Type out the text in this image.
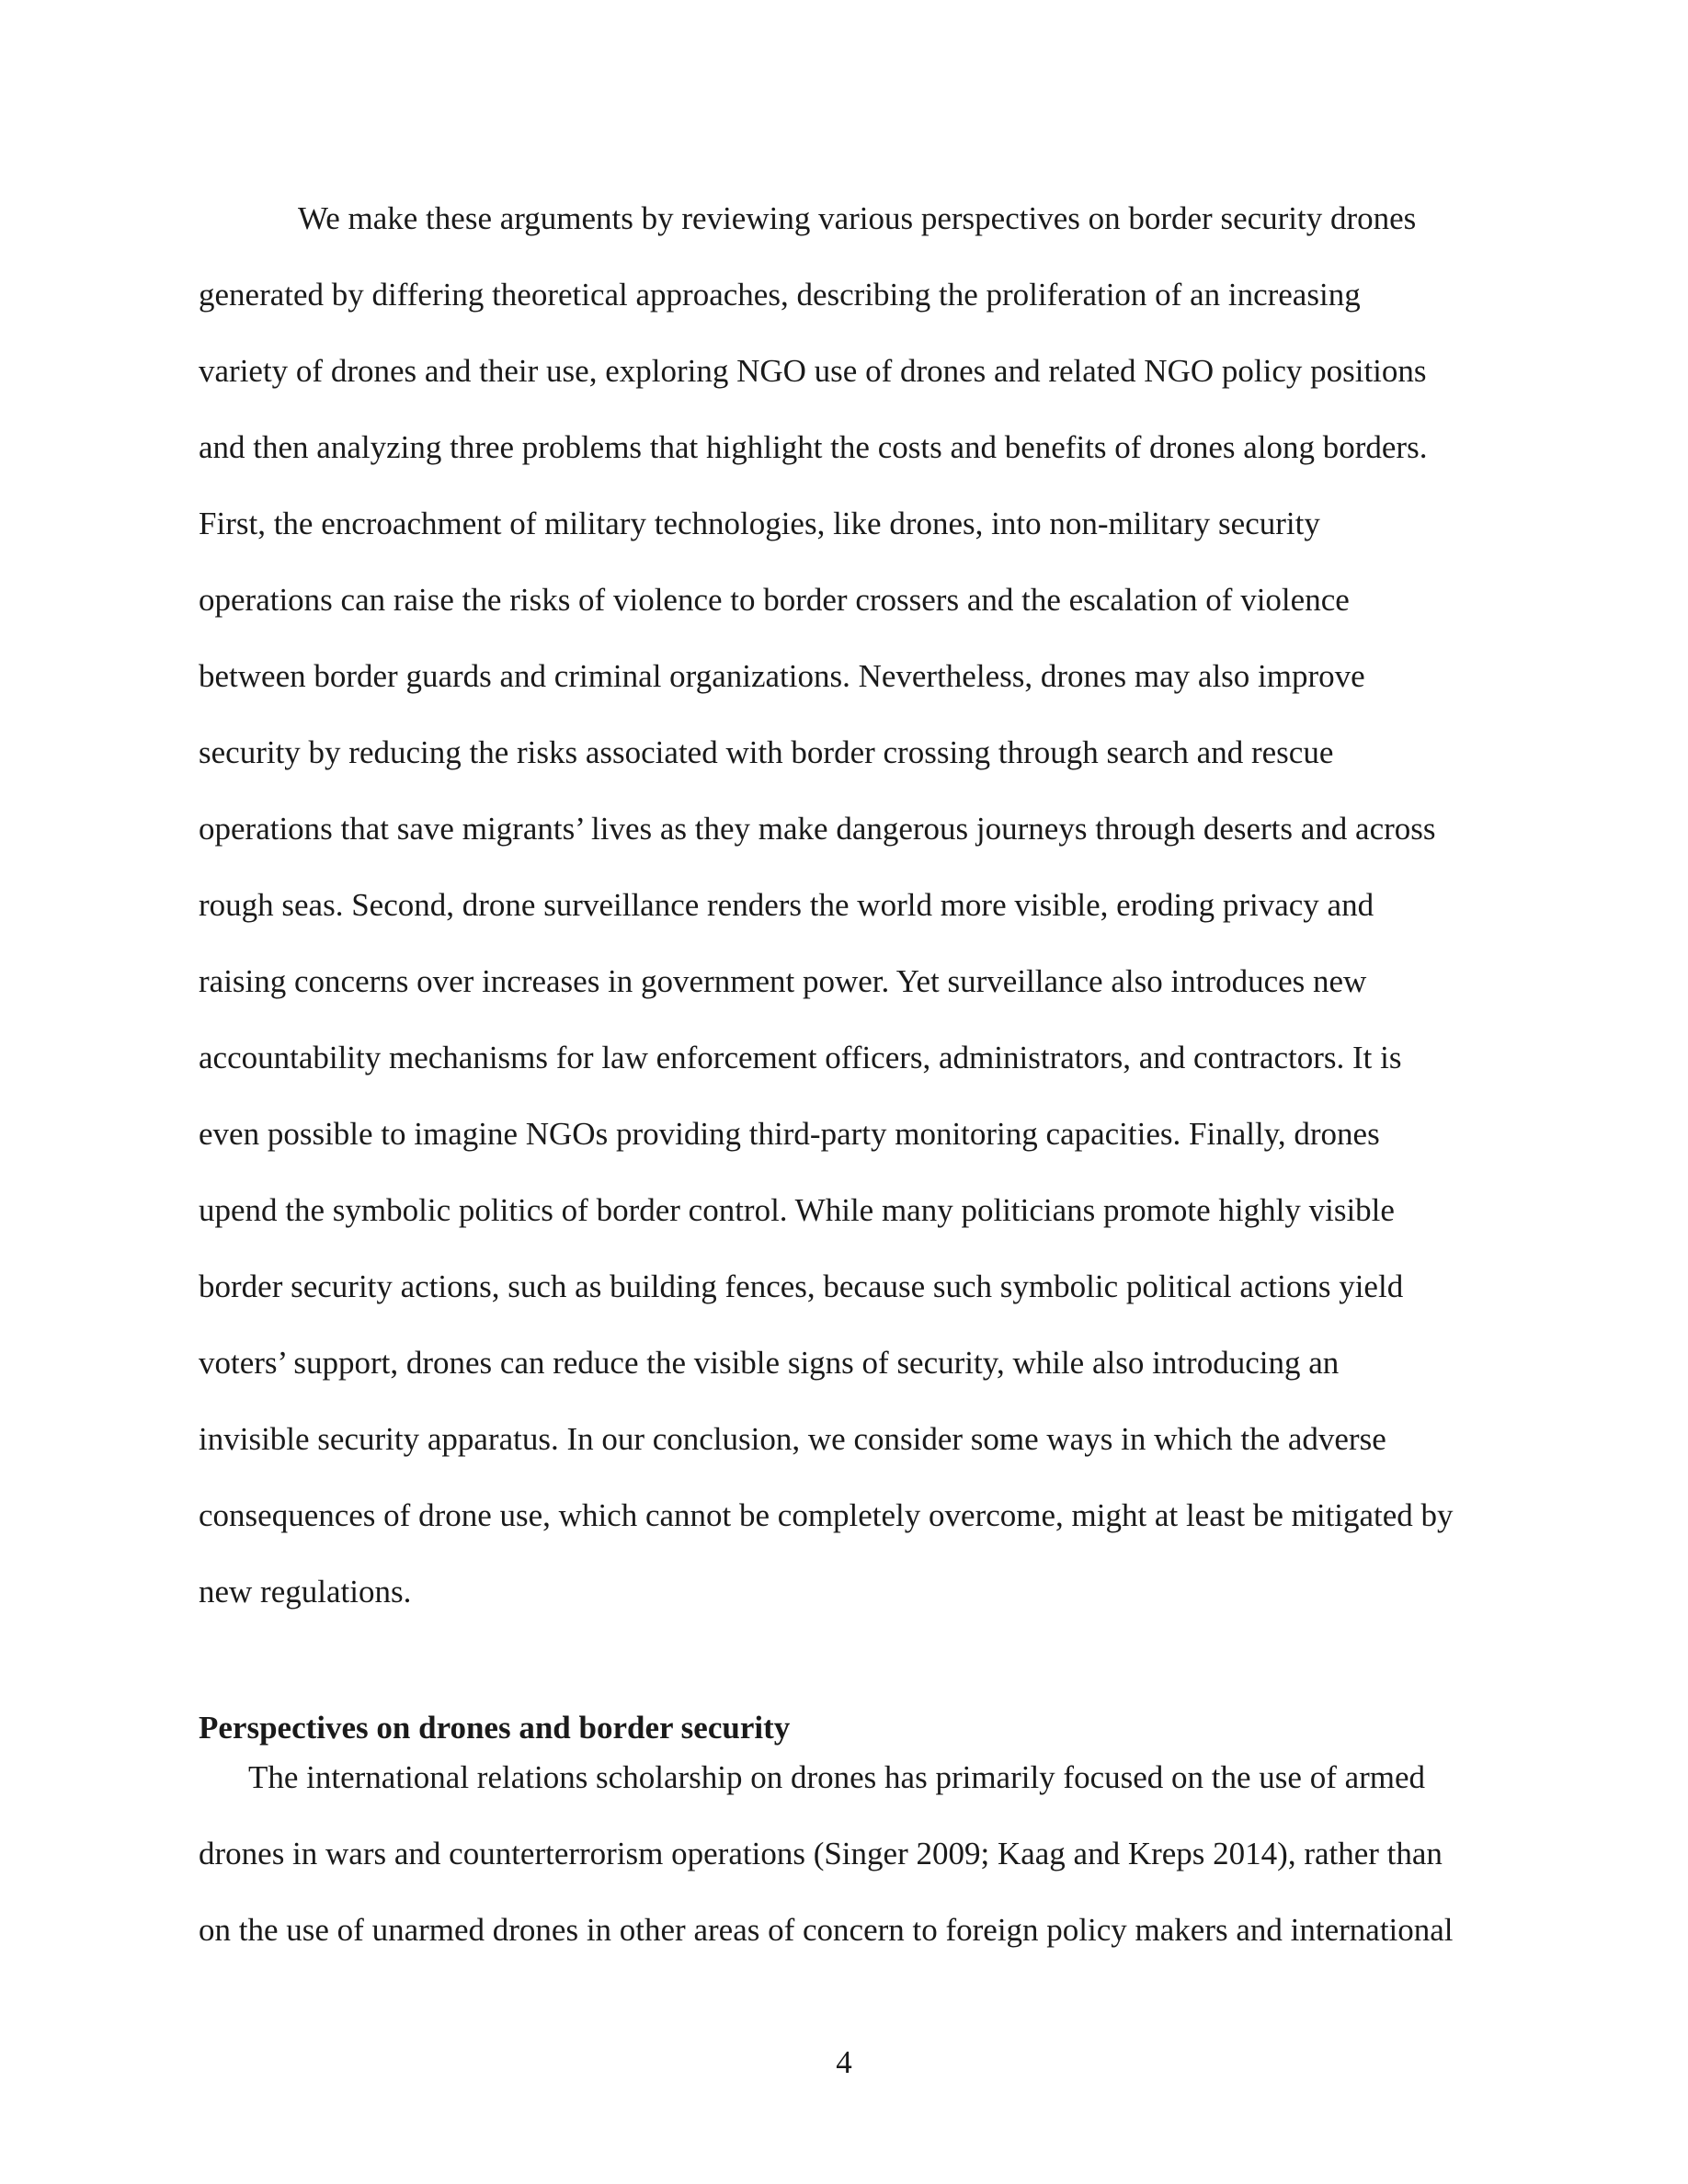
We make these arguments by reviewing various perspectives on border security drones
generated by differing theoretical approaches, describing the proliferation of an increasing
variety of drones and their use, exploring NGO use of drones and related NGO policy positions
and then analyzing three problems that highlight the costs and benefits of drones along borders.
First, the encroachment of military technologies, like drones, into non-military security
operations can raise the risks of violence to border crossers and the escalation of violence
between border guards and criminal organizations. Nevertheless, drones may also improve
security by reducing the risks associated with border crossing through search and rescue
operations that save migrants’ lives as they make dangerous journeys through deserts and across
rough seas. Second, drone surveillance renders the world more visible, eroding privacy and
raising concerns over increases in government power. Yet surveillance also introduces new
accountability mechanisms for law enforcement officers, administrators, and contractors. It is
even possible to imagine NGOs providing third-party monitoring capacities. Finally, drones
upend the symbolic politics of border control. While many politicians promote highly visible
border security actions, such as building fences, because such symbolic political actions yield
voters’ support, drones can reduce the visible signs of security, while also introducing an
invisible security apparatus. In our conclusion, we consider some ways in which the adverse
consequences of drone use, which cannot be completely overcome, might at least be mitigated by
new regulations.

Perspectives on drones and border security

The international relations scholarship on drones has primarily focused on the use of armed
drones in wars and counterterrorism operations (Singer 2009; Kaag and Kreps 2014), rather than
on the use of unarmed drones in other areas of concern to foreign policy makers and international

4
